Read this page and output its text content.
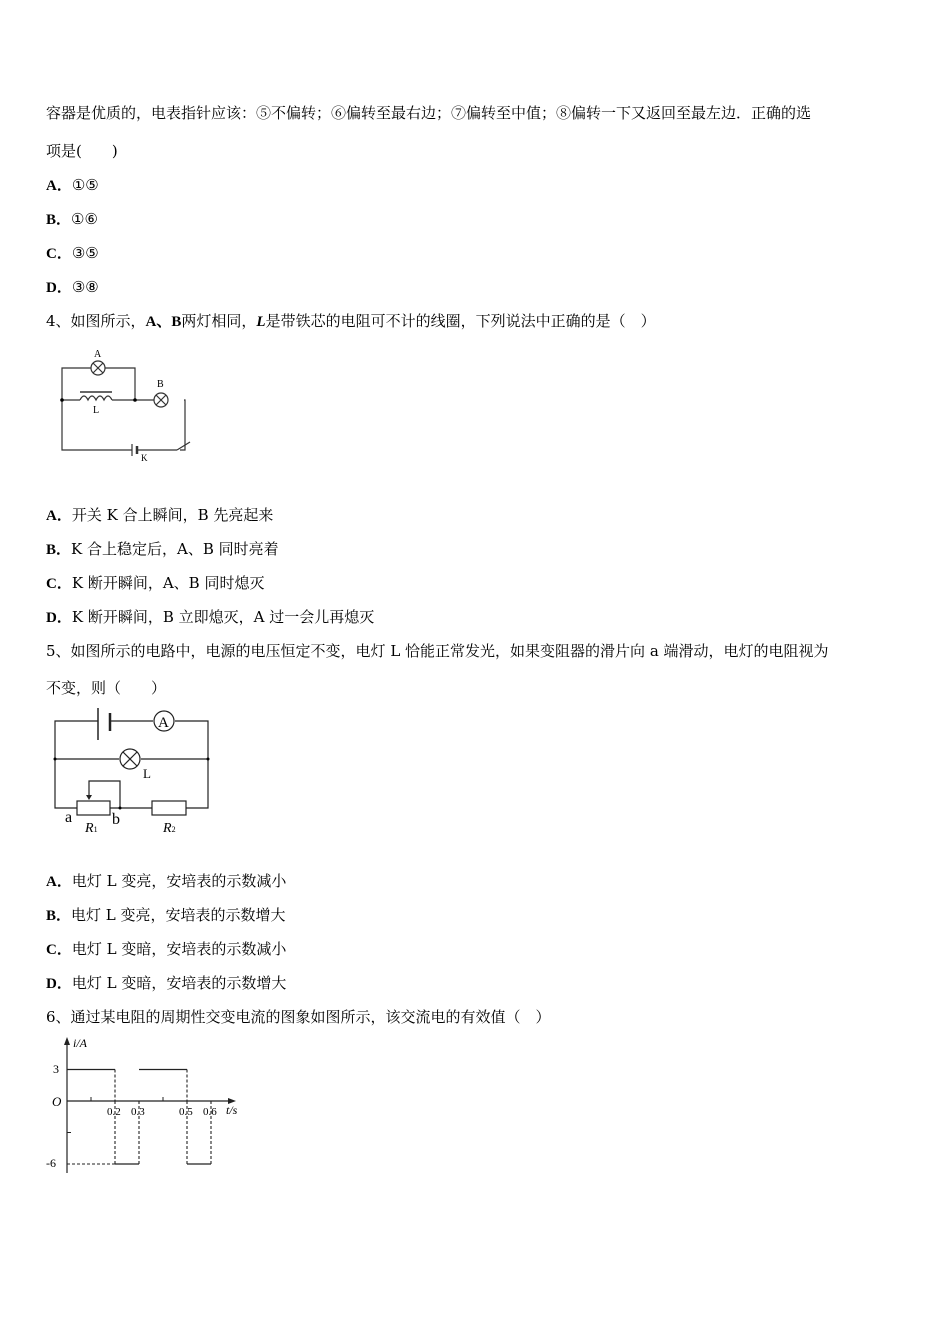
容器是优质的，电表指针应该：⑤不偏转；⑥偏转至最右边；⑦偏转至中值；⑧偏转一下又返回至最左边．正确的选
项是(　　)
A．①⑤
B．①⑥
C．③⑤
D．③⑧
4、如图所示，A、B两灯相同，L是带铁芯的电阻可不计的线圈，下列说法中正确的是（　）
A
B
L
K
A．开关 K 合上瞬间，B 先亮起来
B．K 合上稳定后，A、B 同时亮着
C．K 断开瞬间，A、B 同时熄灭
D．K 断开瞬间，B 立即熄灭，A 过一会儿再熄灭
5、如图所示的电路中，电源的电压恒定不变，电灯 L 恰能正常发光，如果变阻器的滑片向 a 端滑动，电灯的电阻视为
不变，则（　　）
A
L
a b
R1	R2
A．电灯 L 变亮，安培表的示数减小
B．电灯 L 变亮，安培表的示数增大
C．电灯 L 变暗，安培表的示数减小
D．电灯 L 变暗，安培表的示数增大
6、通过某电阻的周期性交变电流的图象如图所示，该交流电的有效值（　）
i/A
t/s
O
3
-6
0.2 0.3	0.5 0.6
